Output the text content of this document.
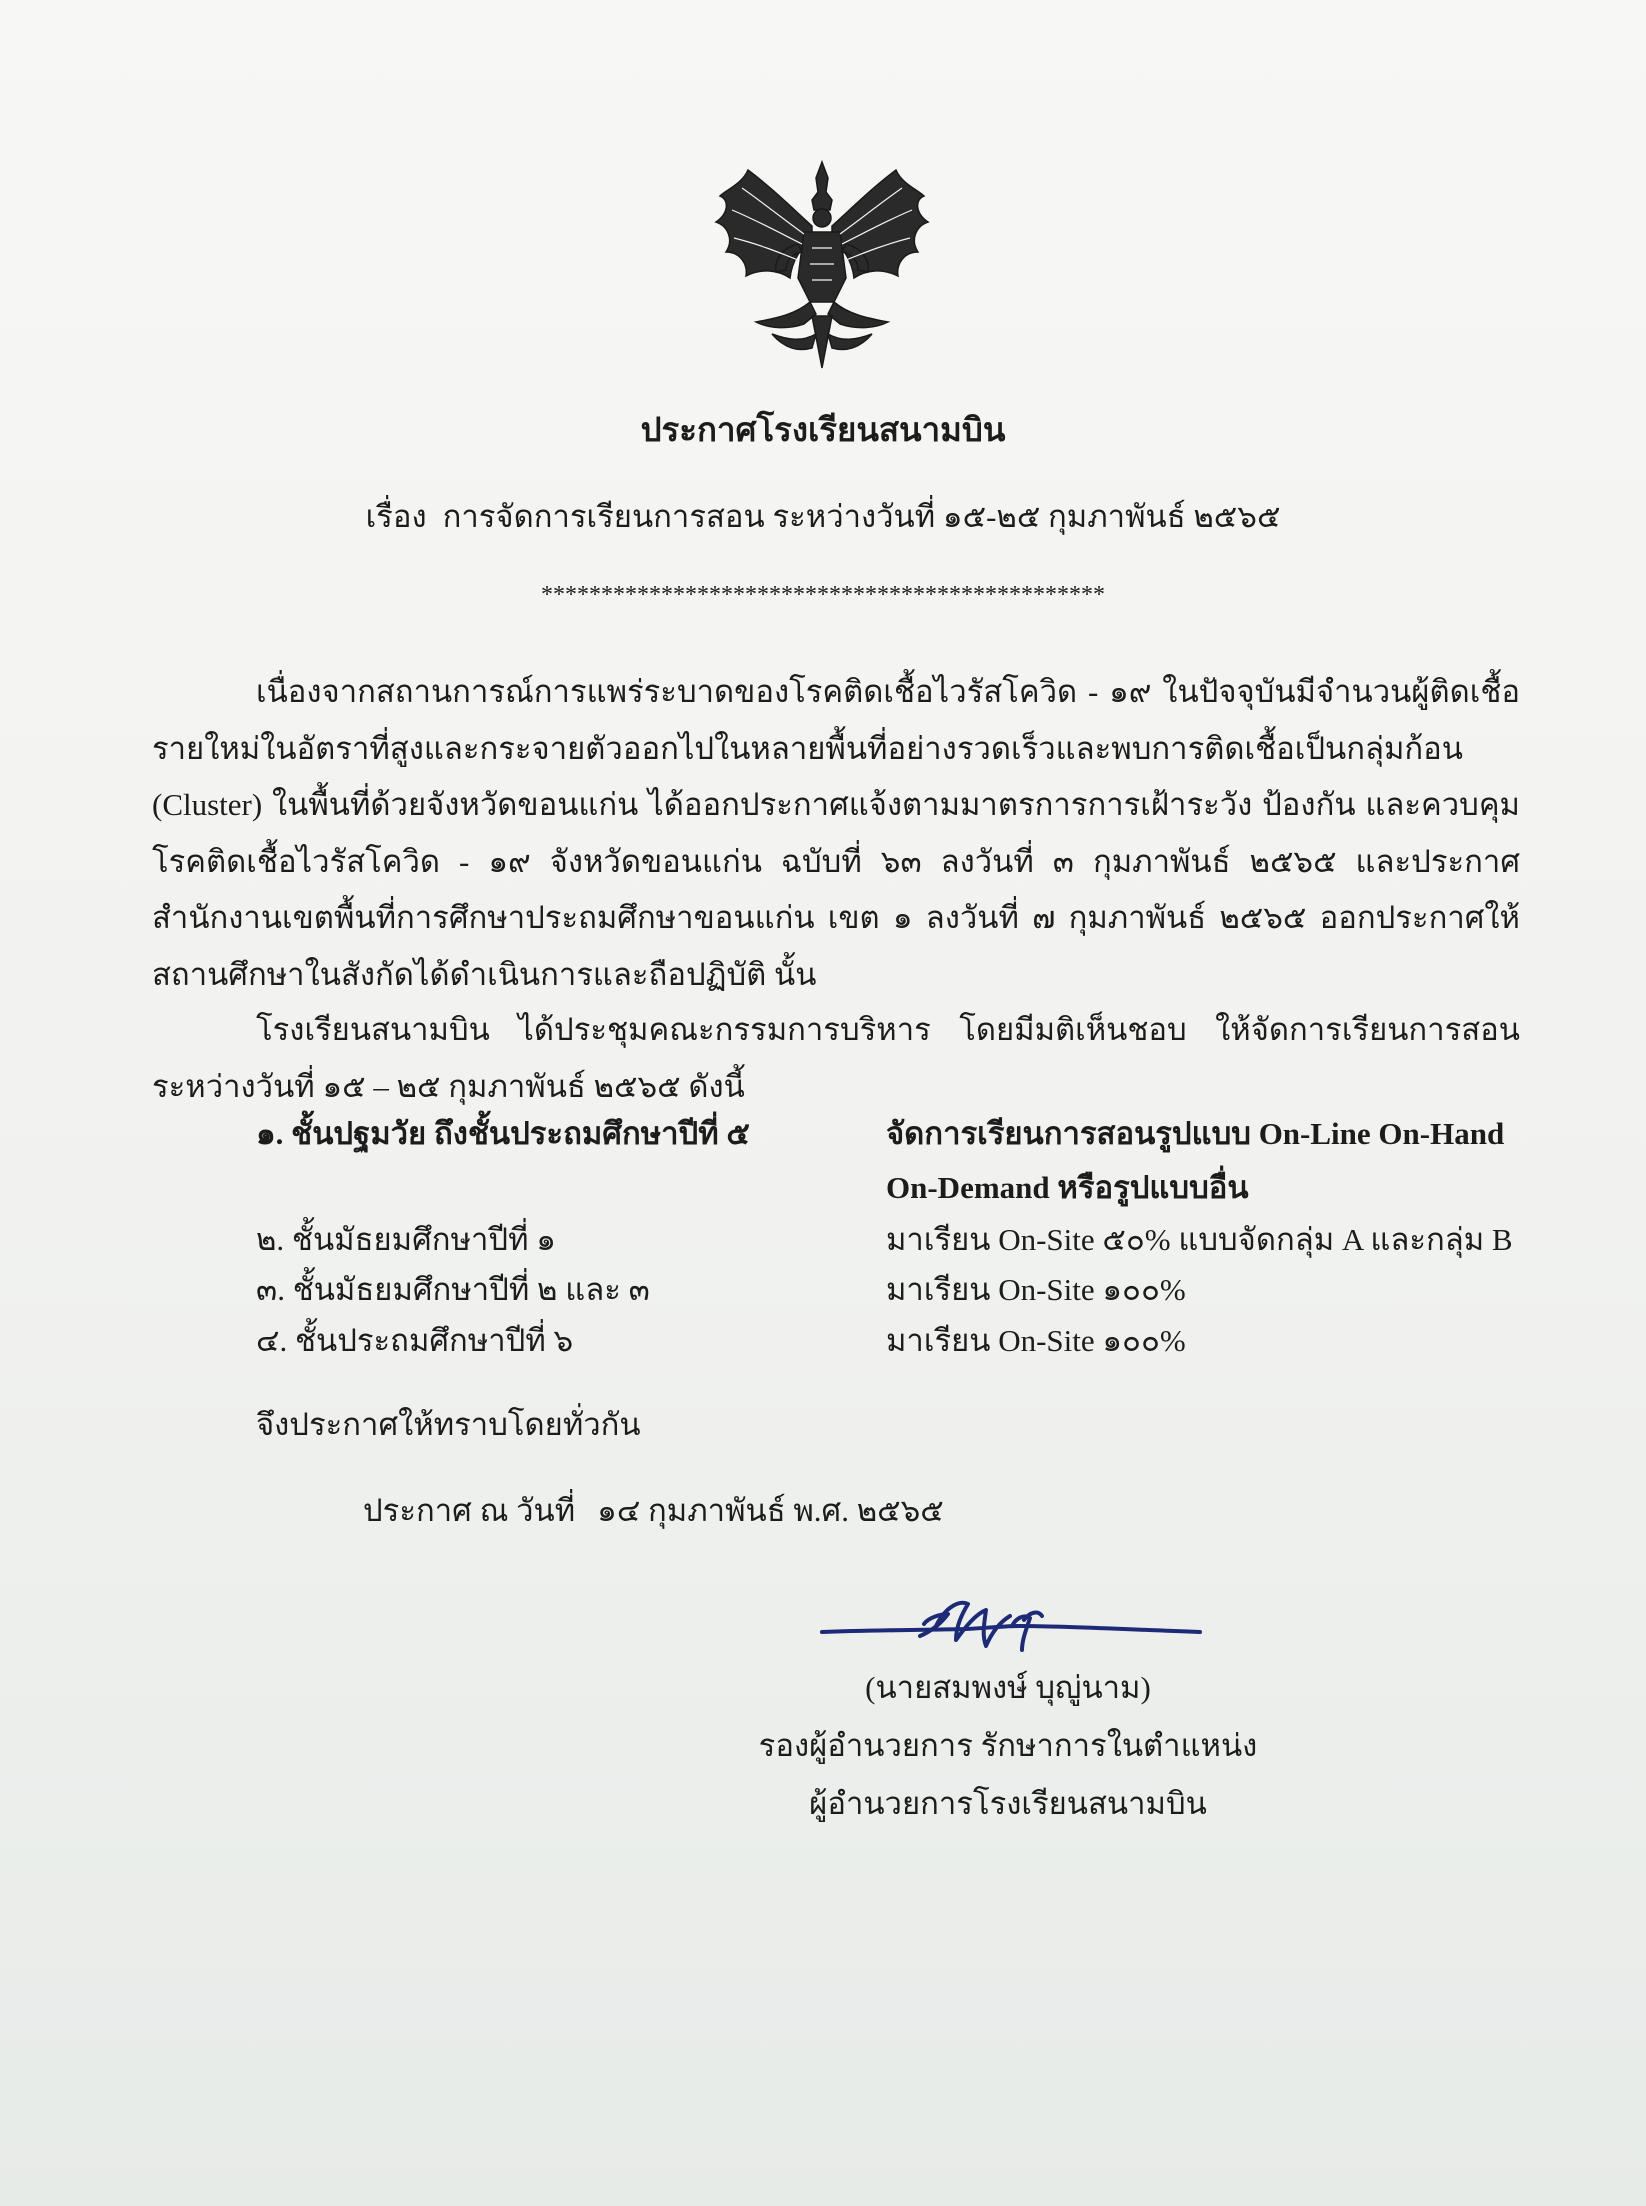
ประกาศโรงเรียนสนามบิน
เรื่อง การจัดการเรียนการสอน ระหว่างวันที่ ๑๕-๒๕ กุมภาพันธ์ ๒๕๖๕
***********************************************
เนื่องจากสถานการณ์การแพร่ระบาดของโรคติดเชื้อไวรัสโควิด - ๑๙ ในปัจจุบันมีจำนวนผู้ติดเชื้อรายใหม่ในอัตราที่สูงและกระจายตัวออกไปในหลายพื้นที่อย่างรวดเร็วและพบการติดเชื้อเป็นกลุ่มก้อน (Cluster) ในพื้นที่ด้วยจังหวัดขอนแก่น ได้ออกประกาศแจ้งตามมาตรการการเฝ้าระวัง ป้องกัน และควบคุมโรคติดเชื้อไวรัสโควิด - ๑๙ จังหวัดขอนแก่น ฉบับที่ ๖๓ ลงวันที่ ๓ กุมภาพันธ์ ๒๕๖๕ และประกาศสำนักงานเขตพื้นที่การศึกษาประถมศึกษาขอนแก่น เขต ๑ ลงวันที่ ๗ กุมภาพันธ์ ๒๕๖๕ ออกประกาศให้สถานศึกษาในสังกัดได้ดำเนินการและถือปฏิบัติ นั้น
โรงเรียนสนามบิน ได้ประชุมคณะกรรมการบริหาร โดยมีมติเห็นชอบ ให้จัดการเรียนการสอน ระหว่างวันที่ ๑๕ – ๒๕ กุมภาพันธ์ ๒๕๖๕ ดังนี้
๑. ชั้นปฐมวัย ถึงชั้นประถมศึกษาปีที่ ๕	จัดการเรียนการสอนรูปแบบ On-Line On-Hand
On-Demand หรือรูปแบบอื่น
๒. ชั้นมัธยมศึกษาปีที่ ๑	มาเรียน On-Site ๕๐% แบบจัดกลุ่ม A และกลุ่ม B
๓. ชั้นมัธยมศึกษาปีที่ ๒ และ ๓	มาเรียน On-Site ๑๐๐%
๔. ชั้นประถมศึกษาปีที่ ๖	มาเรียน On-Site ๑๐๐%
จึงประกาศให้ทราบโดยทั่วกัน
ประกาศ ณ วันที่ ๑๔ กุมภาพันธ์ พ.ศ. ๒๕๖๕
(นายสมพงษ์ บุญู่นาม)
รองผู้อำนวยการ รักษาการในตำแหน่ง
ผู้อำนวยการโรงเรียนสนามบิน
